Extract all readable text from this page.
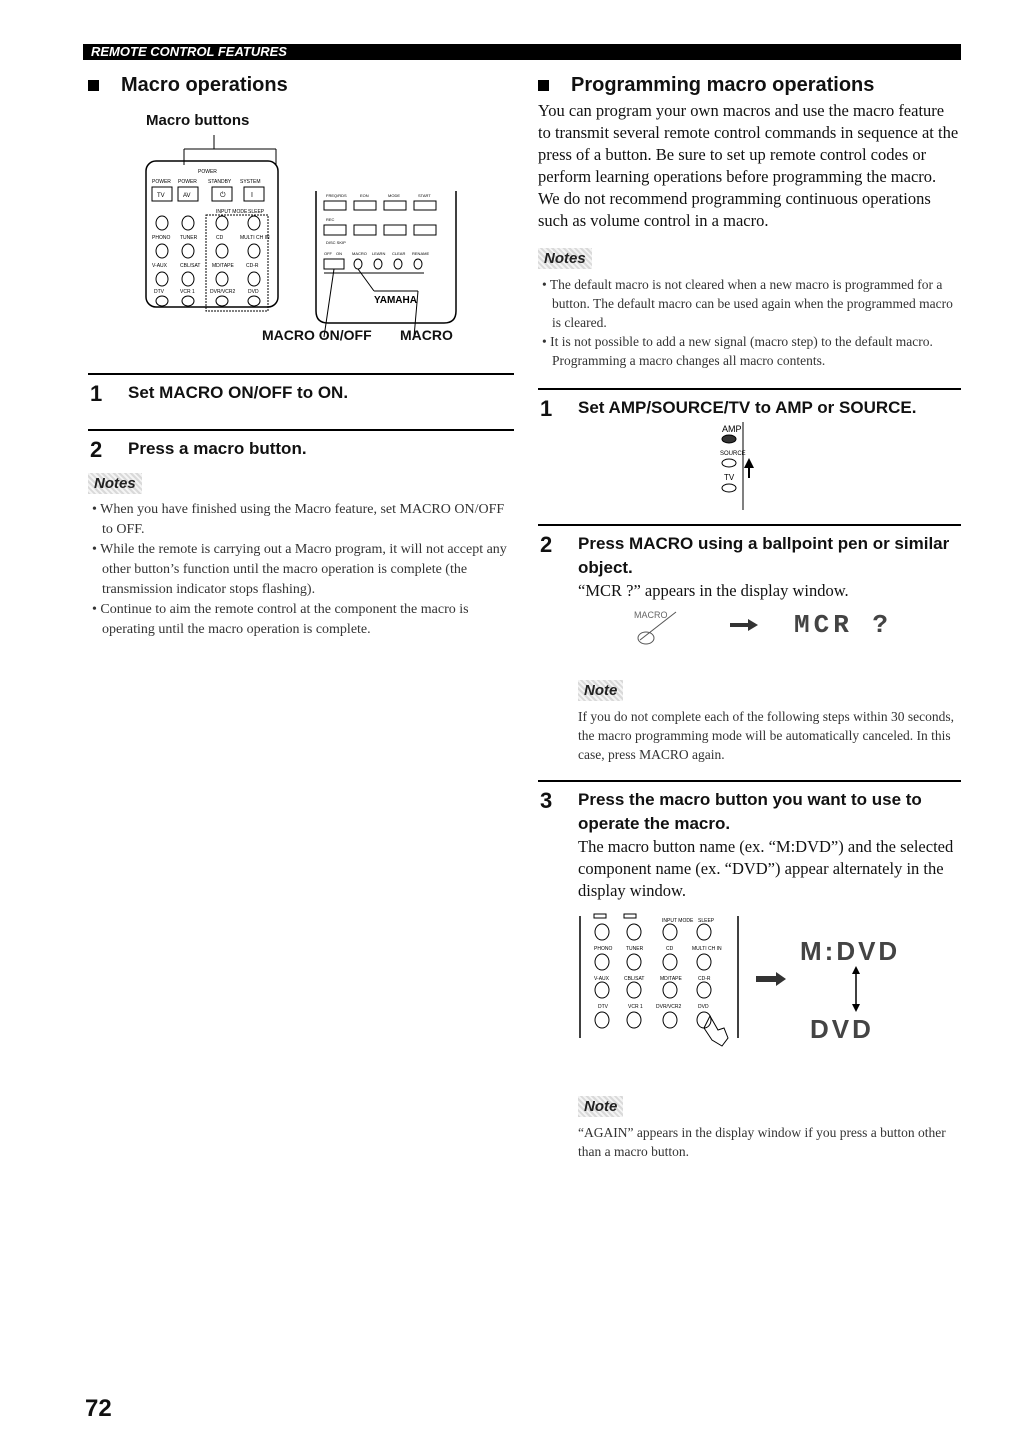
REMOTE CONTROL FEATURES
Macro operations
Macro buttons
POWER
POWER POWER STANDBY SYSTEM
TV	AV	⏻	I
INPUT MODE SLEEP
PHONO TUNER	CD	MULTI CH IN
V-AUX	CBL/SAT MD/TAPE CD-R
DTV	VCR 1	DVR/VCR2	DVD
FREQ/RDS	EON	MODE	START
REC
DISC SKIP
OFF ON	MACRO LEARN CLEAR RENAME
YAMAHA
MACRO ON/OFF MACRO
1 Set MACRO ON/OFF to ON.
2 Press a macro button.
Notes
• When you have finished using the Macro feature, set MACRO ON/OFF to OFF.
• While the remote is carrying out a Macro program, it will not accept any other button’s function until the macro operation is complete (the transmission indicator stops flashing).
• Continue to aim the remote control at the component the macro is operating until the macro operation is complete.
Programming macro operations

You can program your own macros and use the macro feature to transmit several remote control commands in sequence at the press of a button. Be sure to set up remote control codes or perform learning operations before programming the macro. We do not recommend programming continuous operations such as volume control in a macro.

Notes
• The default macro is not cleared when a new macro is programmed for a button. The default macro can be used again when the programmed macro is cleared.
• It is not possible to add a new signal (macro step) to the default macro. Programming a macro changes all macro contents.
1 Set AMP/SOURCE/TV to AMP or SOURCE.
AMP
SOURCE
TV
2 Press MACRO using a ballpoint pen or similar object.
“MCR ?” appears in the display window.
MACRO	MCR ?
Note

If you do not complete each of the following steps within 30 seconds, the macro programming mode will be automatically canceled. In this case, press MACRO again.

3 Press the macro button you want to use to operate the macro.
The macro button name (ex. “M:DVD”) and the selected component name (ex. “DVD”) appear alternately in the display window.
INPUT MODE SLEEP
PHONO	TUNER	CD	MULTI CH IN
V-AUX	CBL/SAT	MD/TAPE	CD-R
DTV	VCR 1	DVR/VCR2	DVD
M:DVD
DVD
Note

“AGAIN” appears in the display window if you press a button other than a macro button.

72
